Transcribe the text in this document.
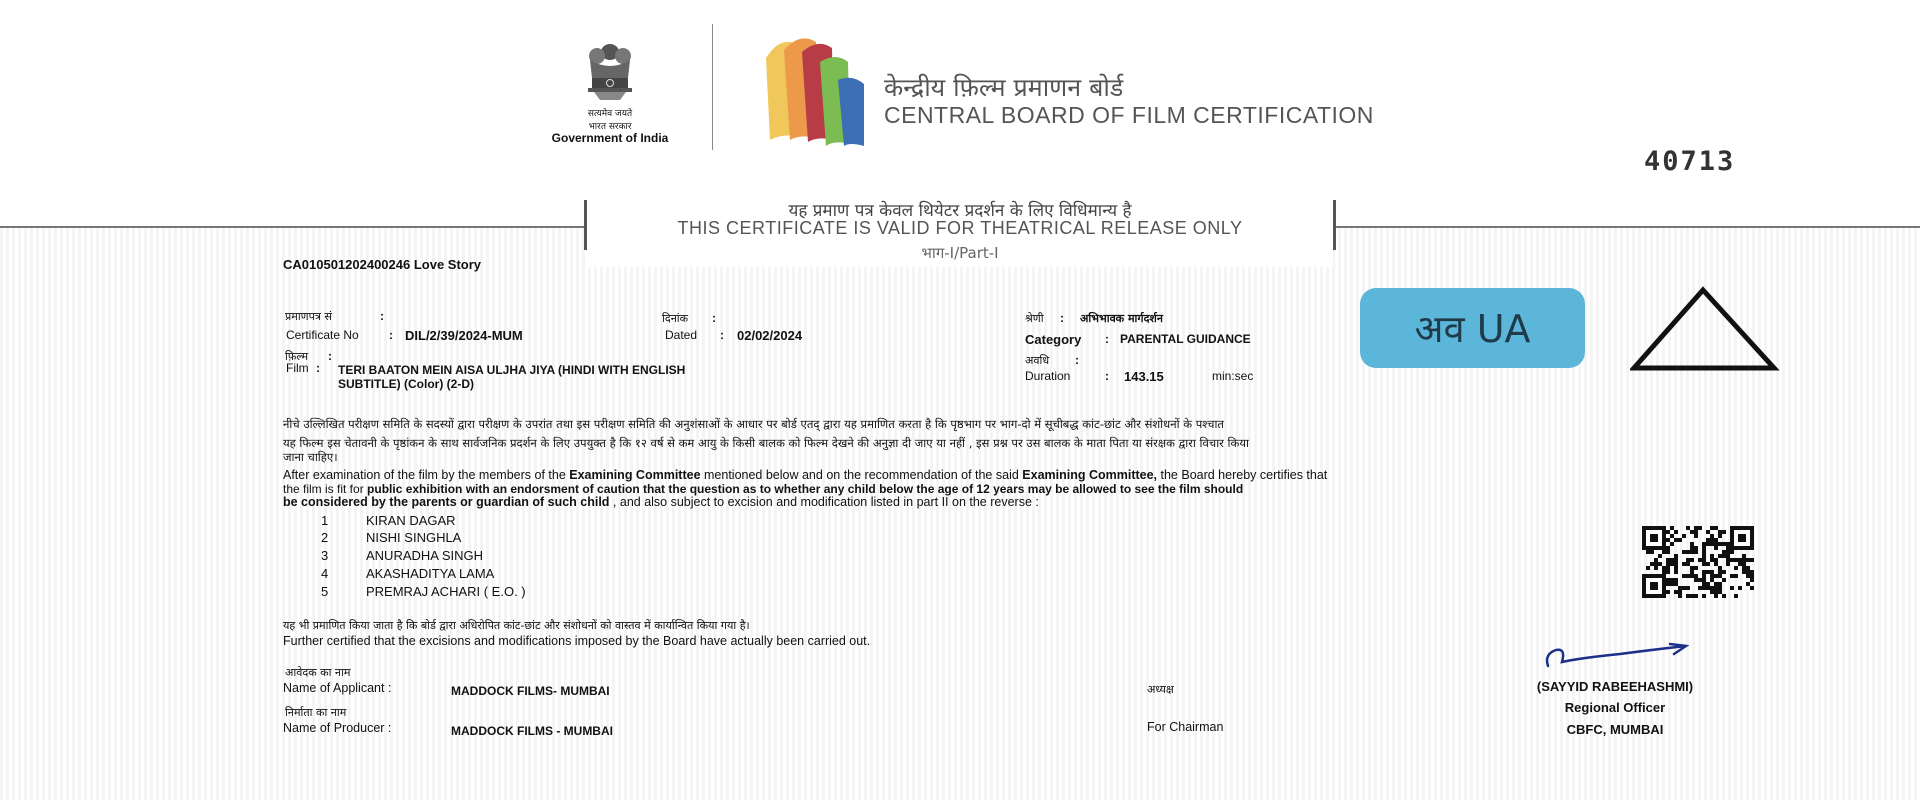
सत्यमेव जयते
भारत सरकार
Government of India
केन्द्रीय फ़िल्म प्रमाणन बोर्ड
CENTRAL BOARD OF FILM CERTIFICATION
40713
यह प्रमाण पत्र केवल थियेटर प्रदर्शन के लिए विधिमान्य है
THIS CERTIFICATE IS VALID FOR THEATRICAL RELEASE ONLY
भाग-I/Part-I
CA010501202400246 Love Story
प्रमाणपत्र सं	:
Certificate No	: DIL/2/39/2024-MUM
दिनांक :
Dated : 02/02/2024
श्रेणी : अभिभावक मार्गदर्शन
Category : PARENTAL GUIDANCE
फ़िल्म :
Film : TERI BAATON MEIN AISA ULJHA JIYA (HINDI WITH ENGLISH
SUBTITLE) (Color) (2-D)
अवधि :
Duration	: 143.15	min:sec
अव UA
नीचे उल्लिखित परीक्षण समिति के सदस्यों द्वारा परीक्षण के उपरांत तथा इस परीक्षण समिति की अनुशंसाओं के आधार पर बोर्ड एतद् द्वारा यह प्रमाणित करता है कि पृष्ठभाग पर भाग-दो में सूचीबद्ध कांट-छांट और संशोधनों के पश्चात
यह फिल्म इस चेतावनी के पृष्ठांकन के साथ सार्वजनिक प्रदर्शन के लिए उपयुक्त है कि १२ वर्ष से कम आयु के किसी बालक को फिल्म देखने की अनुज्ञा दी जाए या नहीं , इस प्रश्न पर उस बालक के माता पिता या संरक्षक द्वारा विचार किया
जाना चाहिए।
After examination of the film by the members of the Examining Committee mentioned below and on the recommendation of the said Examining Committee, the Board hereby certifies that
the film is fit for public exhibition with an endorsment of caution that the question as to whether any child below the age of 12 years may be allowed to see the film should
be considered by the parents or guardian of such child , and also subject to excision and modification listed in part II on the reverse :
1	KIRAN DAGAR
2	NISHI SINGHLA
3	ANURADHA SINGH
4	AKASHADITYA LAMA
5	PREMRAJ ACHARI ( E.O. )
यह भी प्रमाणित किया जाता है कि बोर्ड द्वारा अधिरोपित कांट-छांट और संशोधनों को वास्तव में कार्यान्वित किया गया है।
Further certified that the excisions and modifications imposed by the Board have actually been carried out.
आवेदक का नाम
Name of Applicant :	MADDOCK FILMS- MUMBAI
निर्माता का नाम
Name of Producer :	MADDOCK FILMS - MUMBAI
अध्यक्ष
For Chairman
(SAYYID RABEEHASHMI)
Regional Officer
CBFC, MUMBAI
